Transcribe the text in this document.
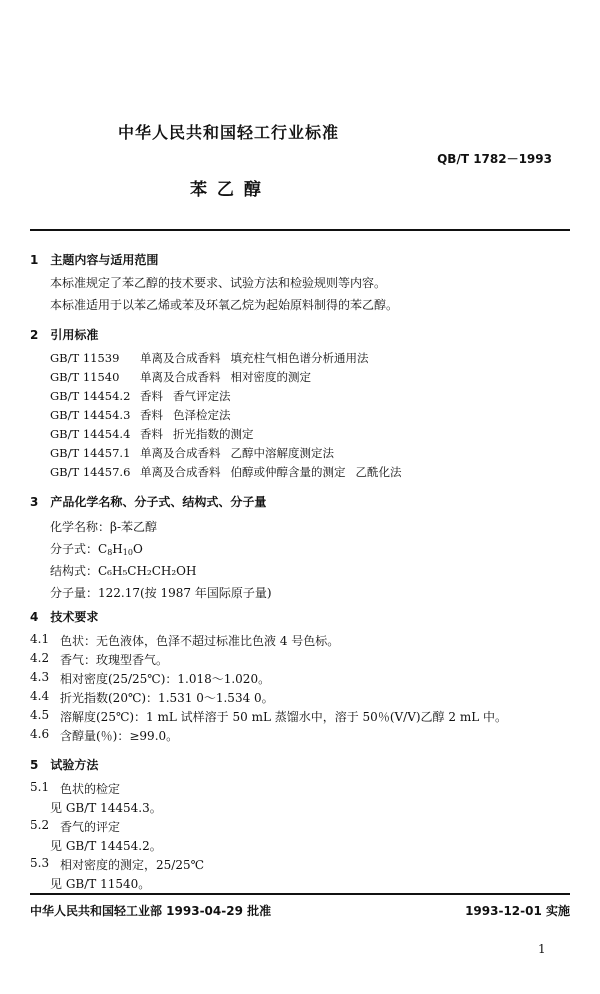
中华人民共和国轻工行业标准
QB/T 1782－1993
苯 乙 醇
1　主题内容与适用范围
本标准规定了苯乙醇的技术要求、试验方法和检验规则等内容。
本标准适用于以苯乙烯或苯及环氧乙烷为起始原料制得的苯乙醇。
2　引用标准
GB/T 11539 单离及合成香料 填充柱气相色谱分析通用法
GB/T 11540 单离及合成香料 相对密度的测定
GB/T 14454.2 香料 香气评定法
GB/T 14454.3 香料 色泽检定法
GB/T 14454.4 香料 折光指数的测定
GB/T 14457.1 单离及合成香料 乙醇中溶解度测定法
GB/T 14457.6 单离及合成香料 伯醇或仲醇含量的测定 乙酰化法
3　产品化学名称、分子式、结构式、分子量
化学名称：β-苯乙醇
分子式：$C_8H_{10}O$
结构式：C₆H₅CH₂CH₂OH
分子量：122.17(按 1987 年国际原子量)
4　技术要求
4.1 色状：无色液体，色泽不超过标准比色液 4 号色标。
4.2 香气：玫瑰型香气。
4.3 相对密度(25/25℃)：1.018～1.020。
4.4 折光指数(20℃)：1.531 0～1.534 0。
4.5 溶解度(25℃)：1 mL 试样溶于 50 mL 蒸馏水中，溶于 50％(V/V)乙醇 2 mL 中。
4.6 含醇量(％)：≥99.0。
5　试验方法
5.1 色状的检定
见 GB/T 14454.3。
5.2 香气的评定
见 GB/T 14454.2。
5.3 相对密度的测定，25/25℃
见 GB/T 11540。
中华人民共和国轻工业部 1993-04-29 批准	1993-12-01 实施
1
